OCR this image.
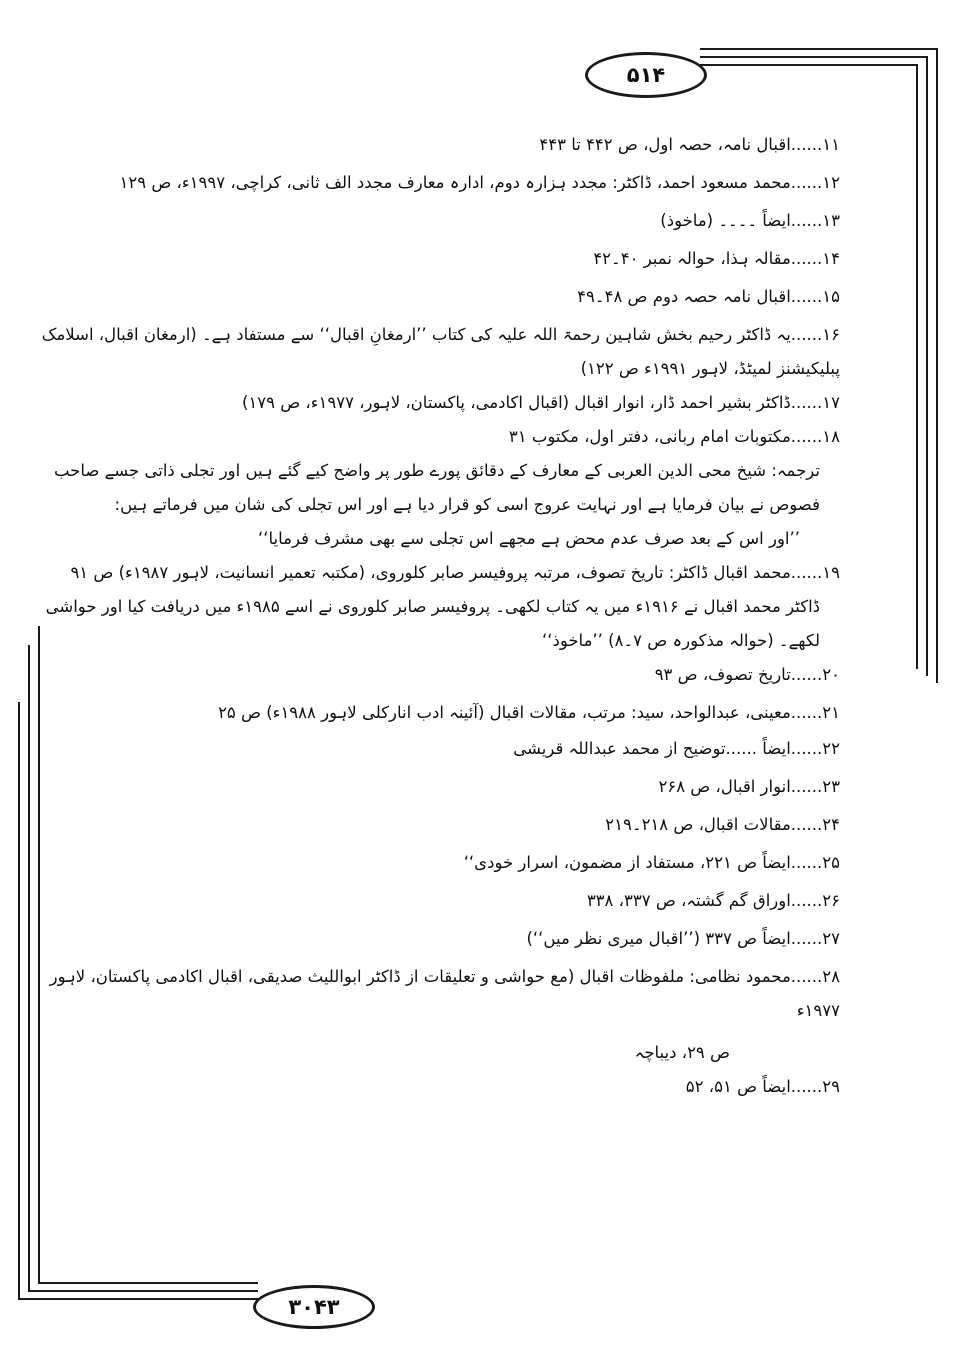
۵۱۴
۳۰۴۳
۱۱......اقبال نامہ، حصہ اول، ص ۴۴۲ تا ۴۴۳
۱۲......محمد مسعود احمد، ڈاکٹر: مجدد ہزارہ دوم، ادارہ معارف مجدد الف ثانی، کراچی، ۱۹۹۷ء، ص ۱۲۹
۱۳......ایضاً ۔۔۔۔ (ماخوذ)
۱۴......مقالہ ہذا، حوالہ نمبر ۴۰۔۴۲
۱۵......اقبال نامہ حصہ دوم ص ۴۸۔۴۹
۱۶......یہ ڈاکٹر رحیم بخش شاہین رحمۃ اللہ علیہ کی کتاب ’’ارمغانِ اقبال‘‘ سے مستفاد ہے۔ (ارمغان اقبال، اسلامک
پبلیکیشنز لمیٹڈ، لاہور ۱۹۹۱ء ص ۱۲۲)
۱۷......ڈاکٹر بشیر احمد ڈار، انوار اقبال (اقبال اکادمی، پاکستان، لاہور، ۱۹۷۷ء، ص ۱۷۹)
۱۸......مکتوبات امام ربانی، دفتر اول، مکتوب ۳۱
ترجمہ: شیخ محی الدین العربی کے معارف کے دقائق پورے طور پر واضح کیے گئے ہیں اور تجلی ذاتی جسے صاحب
فصوص نے بیان فرمایا ہے اور نہایت عروج اسی کو قرار دیا ہے اور اس تجلی کی شان میں فرماتے ہیں:
’’اور اس کے بعد صرف عدم محض ہے مجھے اس تجلی سے بھی مشرف فرمایا‘‘
۱۹......محمد اقبال ڈاکٹر: تاریخ تصوف، مرتبہ پروفیسر صابر کلوروی، (مکتبہ تعمیر انسانیت، لاہور ۱۹۸۷ء) ص ۹۱
ڈاکٹر محمد اقبال نے ۱۹۱۶ء میں یہ کتاب لکھی۔ پروفیسر صابر کلوروی نے اسے ۱۹۸۵ء میں دریافت کیا اور حواشی
لکھے۔ (حوالہ مذکورہ ص ۷۔۸) ’’ماخوذ‘‘
۲۰......تاریخ تصوف، ص ۹۳
۲۱......معینی، عبدالواحد، سید: مرتب، مقالات اقبال (آئینہ ادب انارکلی لاہور ۱۹۸۸ء) ص ۲۵
۲۲......ایضاً ......توضیح از محمد عبداللہ قریشی
۲۳......انوار اقبال، ص ۲۶۸
۲۴......مقالات اقبال، ص ۲۱۸۔۲۱۹
۲۵......ایضاً ص ۲۲۱، مستفاد از مضمون، اسرار خودی‘‘
۲۶......اوراق گم گشتہ، ص ۳۳۷، ۳۳۸
۲۷......ایضاً ص ۳۳۷ (’’اقبال میری نظر میں‘‘)
۲۸......محمود نظامی: ملفوظات اقبال (مع حواشی و تعلیقات از ڈاکٹر ابواللیث صدیقی، اقبال اکادمی پاکستان، لاہور ۱۹۷۷ء
ص ۲۹، دیباچہ
۲۹......ایضاً ص ۵۱، ۵۲
